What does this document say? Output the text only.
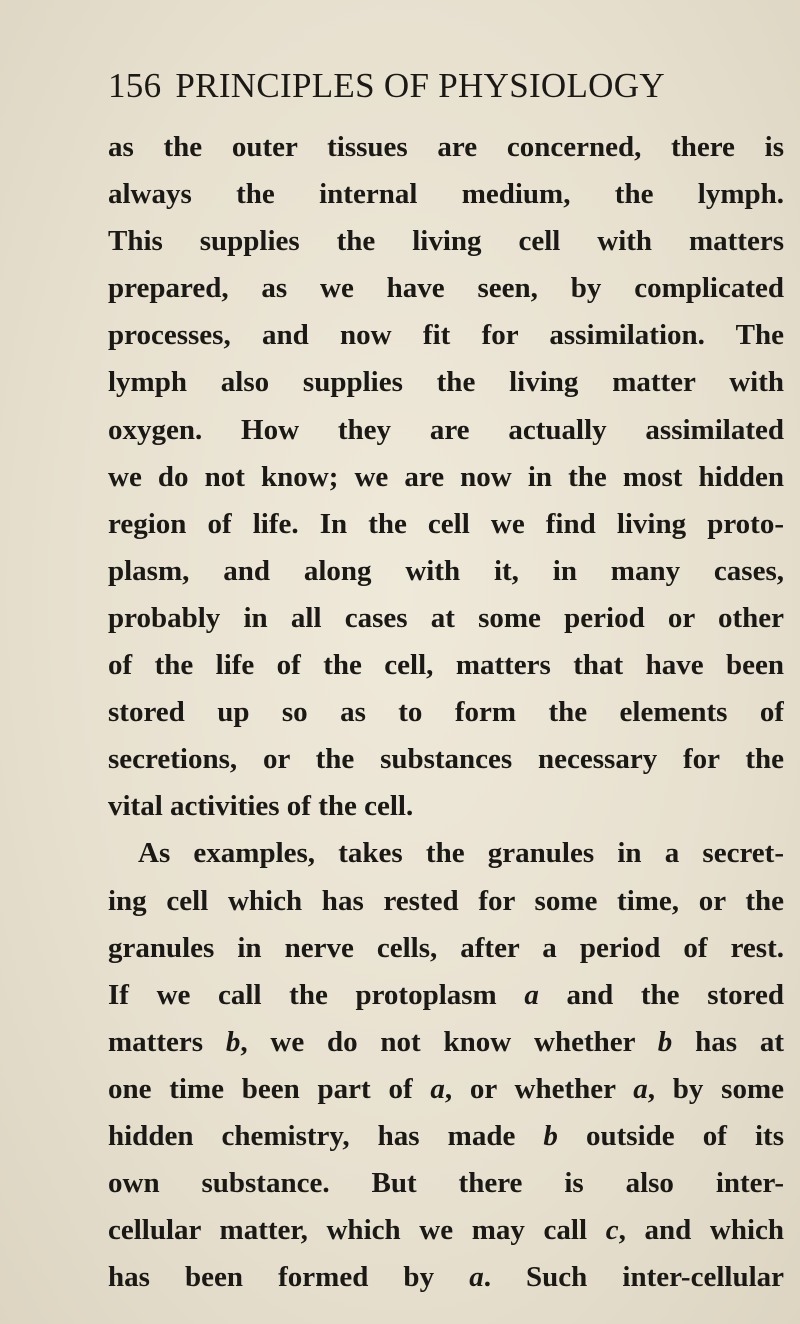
156 PRINCIPLES OF PHYSIOLOGY
as the outer tissues are concerned, there is
always the internal medium, the lymph.
This supplies the living cell with matters
prepared, as we have seen, by complicated
processes, and now fit for assimilation. The
lymph also supplies the living matter with
oxygen. How they are actually assimilated
we do not know; we are now in the most hidden
region of life. In the cell we find living proto-
plasm, and along with it, in many cases,
probably in all cases at some period or other
of the life of the cell, matters that have been
stored up so as to form the elements of
secretions, or the substances necessary for the
vital activities of the cell.
As examples, takes the granules in a secret-
ing cell which has rested for some time, or the
granules in nerve cells, after a period of rest.
If we call the protoplasm a and the stored
matters b, we do not know whether b has at
one time been part of a, or whether a, by some
hidden chemistry, has made b outside of its
own substance. But there is also inter-
cellular matter, which we may call c, and which
has been formed by a. Such inter-cellular
